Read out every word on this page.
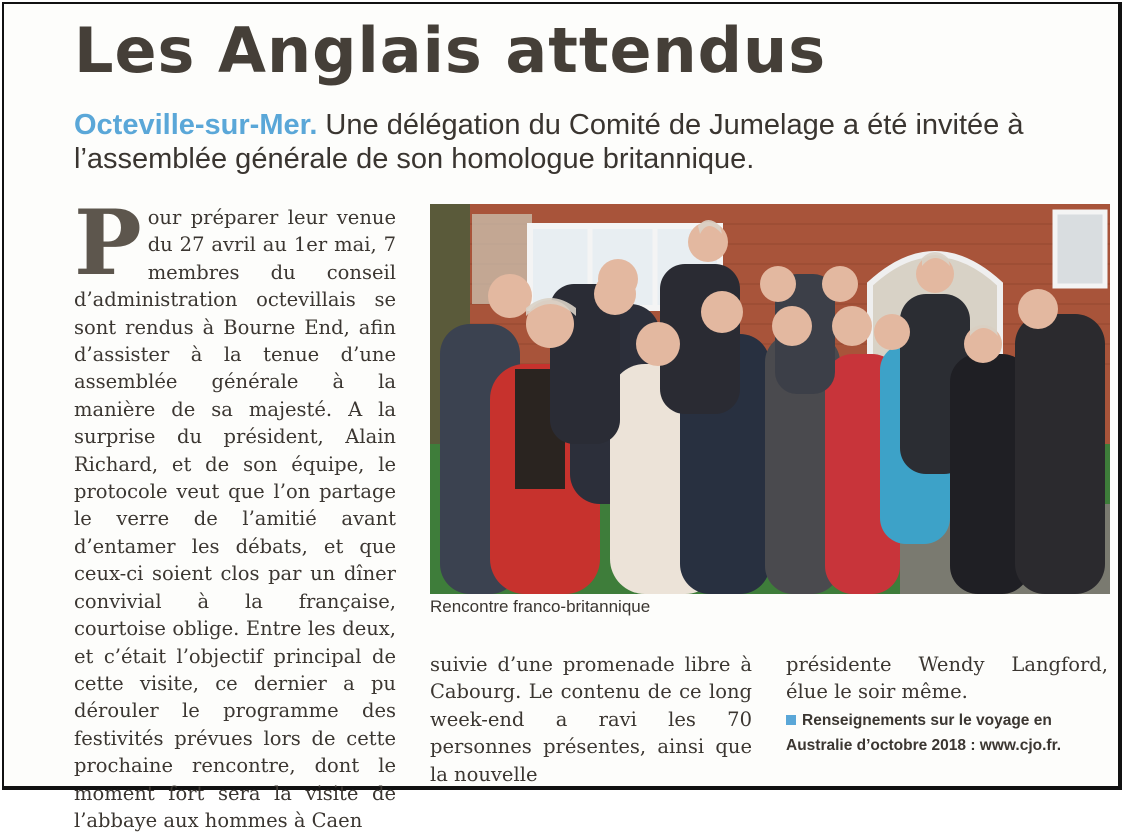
Les Anglais attendus

Octeville-sur-Mer. Une délégation du Comité de Jumelage a été invitée à l’assemblée générale de son homologue britannique.

P our préparer leur venue du 27 avril au 1er mai, 7 membres du conseil d’administration octevillais se sont rendus à Bourne End, afin d’assister à la tenue d’une assemblée générale à la manière de sa majesté. A la surprise du président, Alain Richard, et de son équipe, le protocole veut que l’on partage le verre de l’amitié avant d’entamer les débats, et que ceux-ci soient clos par un dîner convivial à la française, courtoise oblige. Entre les deux, et c’était l’objectif principal de cette visite, ce dernier a pu dérouler le programme des festivités prévues lors de cette prochaine rencontre, dont le moment fort sera la visite de l’abbaye aux hommes à Caen

Rencontre franco-britannique

suivie d’une promenade libre à Cabourg. Le contenu de ce long week-end a ravi les 70 personnes présentes, ainsi que la nouvelle

présidente Wendy Langford, élue le soir même.

Renseignements sur le voyage en Australie d’octobre 2018 : www.cjo.fr.
